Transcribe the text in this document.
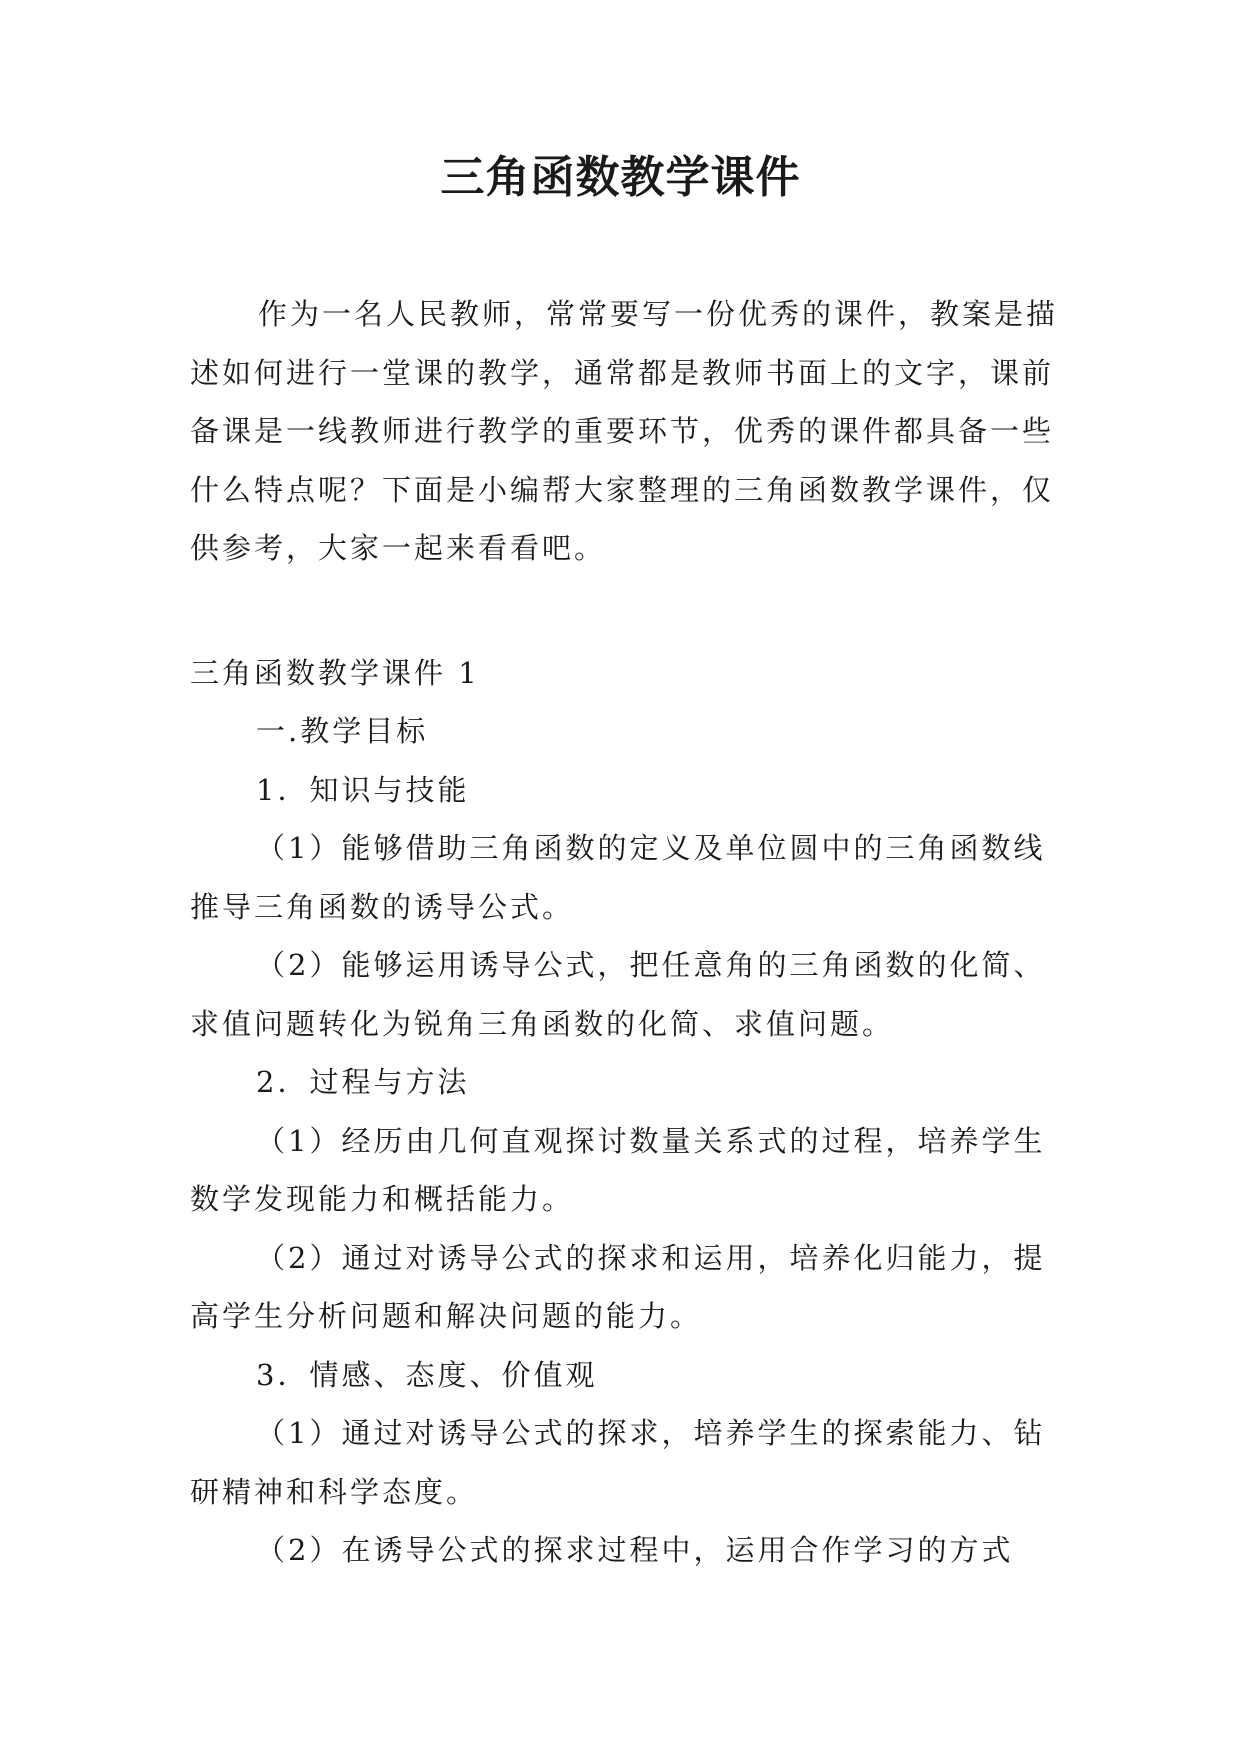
三角函数教学课件

作为一名人民教师，常常要写一份优秀的课件，教案是描述如何进行一堂课的教学，通常都是教师书面上的文字，课前备课是一线教师进行教学的重要环节，优秀的课件都具备一些什么特点呢？下面是小编帮大家整理的三角函数教学课件，仅供参考，大家一起来看看吧。

三角函数教学课件 1

一.教学目标

1．知识与技能

（1）能够借助三角函数的定义及单位圆中的三角函数线推导三角函数的诱导公式。

（2）能够运用诱导公式，把任意角的三角函数的化简、求值问题转化为锐角三角函数的化简、求值问题。

2．过程与方法

（1）经历由几何直观探讨数量关系式的过程，培养学生数学发现能力和概括能力。

（2）通过对诱导公式的探求和运用，培养化归能力，提高学生分析问题和解决问题的能力。

3．情感、态度、价值观

（1）通过对诱导公式的探求，培养学生的探索能力、钻研精神和科学态度。

（2）在诱导公式的探求过程中，运用合作学习的方式
